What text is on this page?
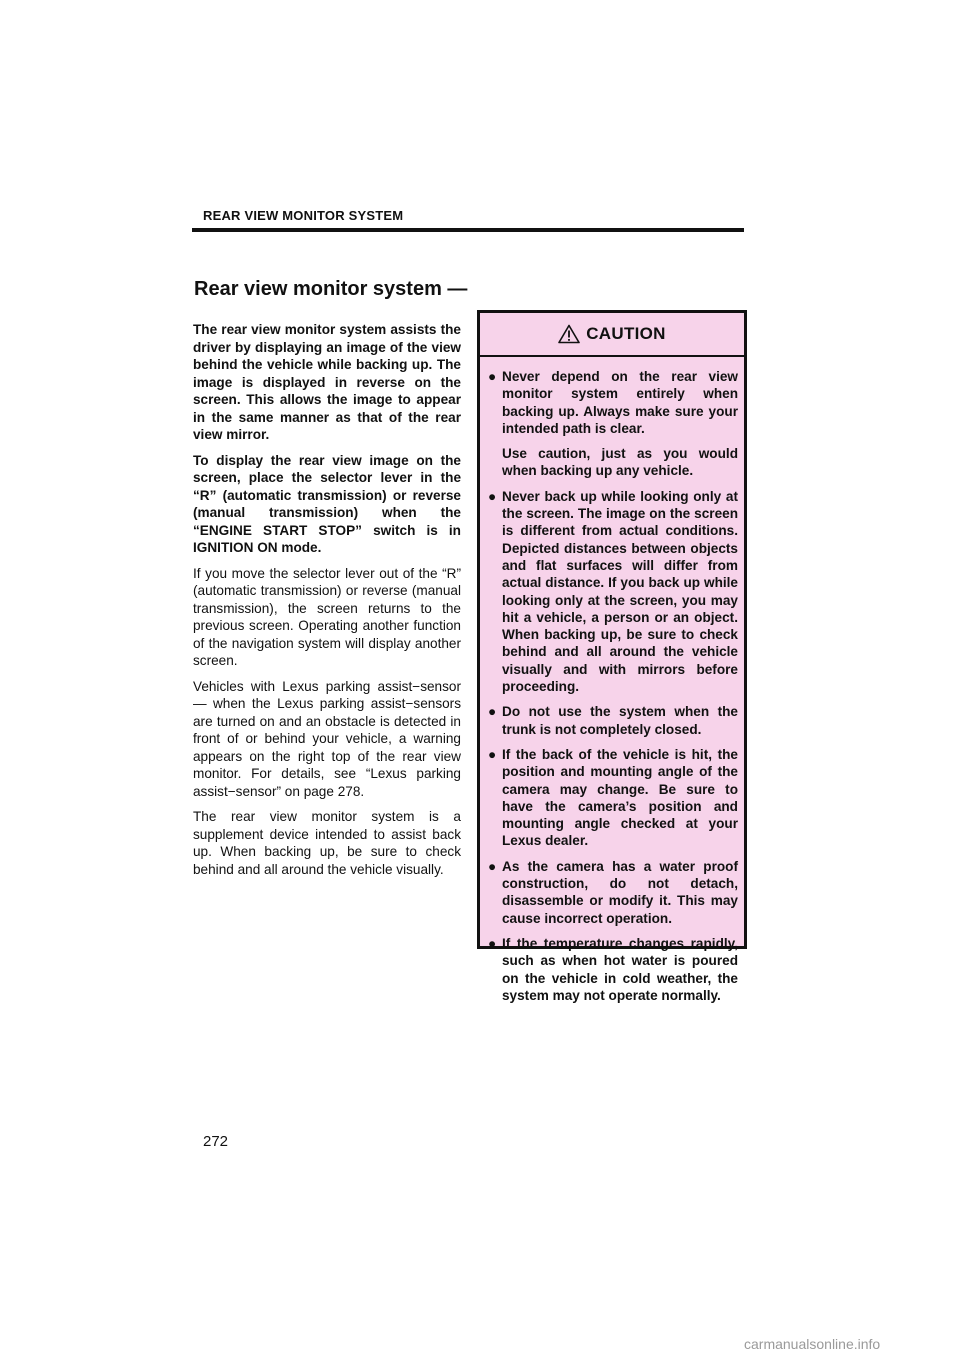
REAR VIEW MONITOR SYSTEM
Rear view monitor system —

The rear view monitor system assists the driver by displaying an image of the view behind the vehicle while backing up. The image is displayed in reverse on the screen. This allows the image to appear in the same manner as that of the rear view mirror.

To display the rear view image on the screen, place the selector lever in the “R” (automatic transmission) or reverse (manual transmission) when the “ENGINE START STOP” switch is in IGNITION ON mode.

If you move the selector lever out of the “R” (automatic transmission) or reverse (manual transmission), the screen returns to the previous screen. Operating another function of the navigation system will display another screen.

Vehicles with Lexus parking assist−sensor — when the Lexus parking assist−sensors are turned on and an obstacle is detected in front of or behind your vehicle, a warning appears on the right top of the rear view monitor. For details, see “Lexus parking assist−sensor” on page 278.

The rear view monitor system is a supplement device intended to assist back up. When backing up, be sure to check behind and all around the vehicle visually.

CAUTION
● Never depend on the rear view monitor system entirely when backing up. Always make sure your intended path is clear.
Use caution, just as you would when backing up any vehicle.
● Never back up while looking only at the screen. The image on the screen is different from actual conditions. Depicted distances between objects and flat surfaces will differ from actual distance. If you back up while looking only at the screen, you may hit a vehicle, a person or an object. When backing up, be sure to check behind and all around the vehicle visually and with mirrors before proceeding.
● Do not use the system when the trunk is not completely closed.
● If the back of the vehicle is hit, the position and mounting angle of the camera may change. Be sure to have the camera’s position and mounting angle checked at your Lexus dealer.
● As the camera has a water proof construction, do not detach, disassemble or modify it. This may cause incorrect operation.
● If the temperature changes rapidly, such as when hot water is poured on the vehicle in cold weather, the system may not operate normally.
272
carmanualsonline.info
